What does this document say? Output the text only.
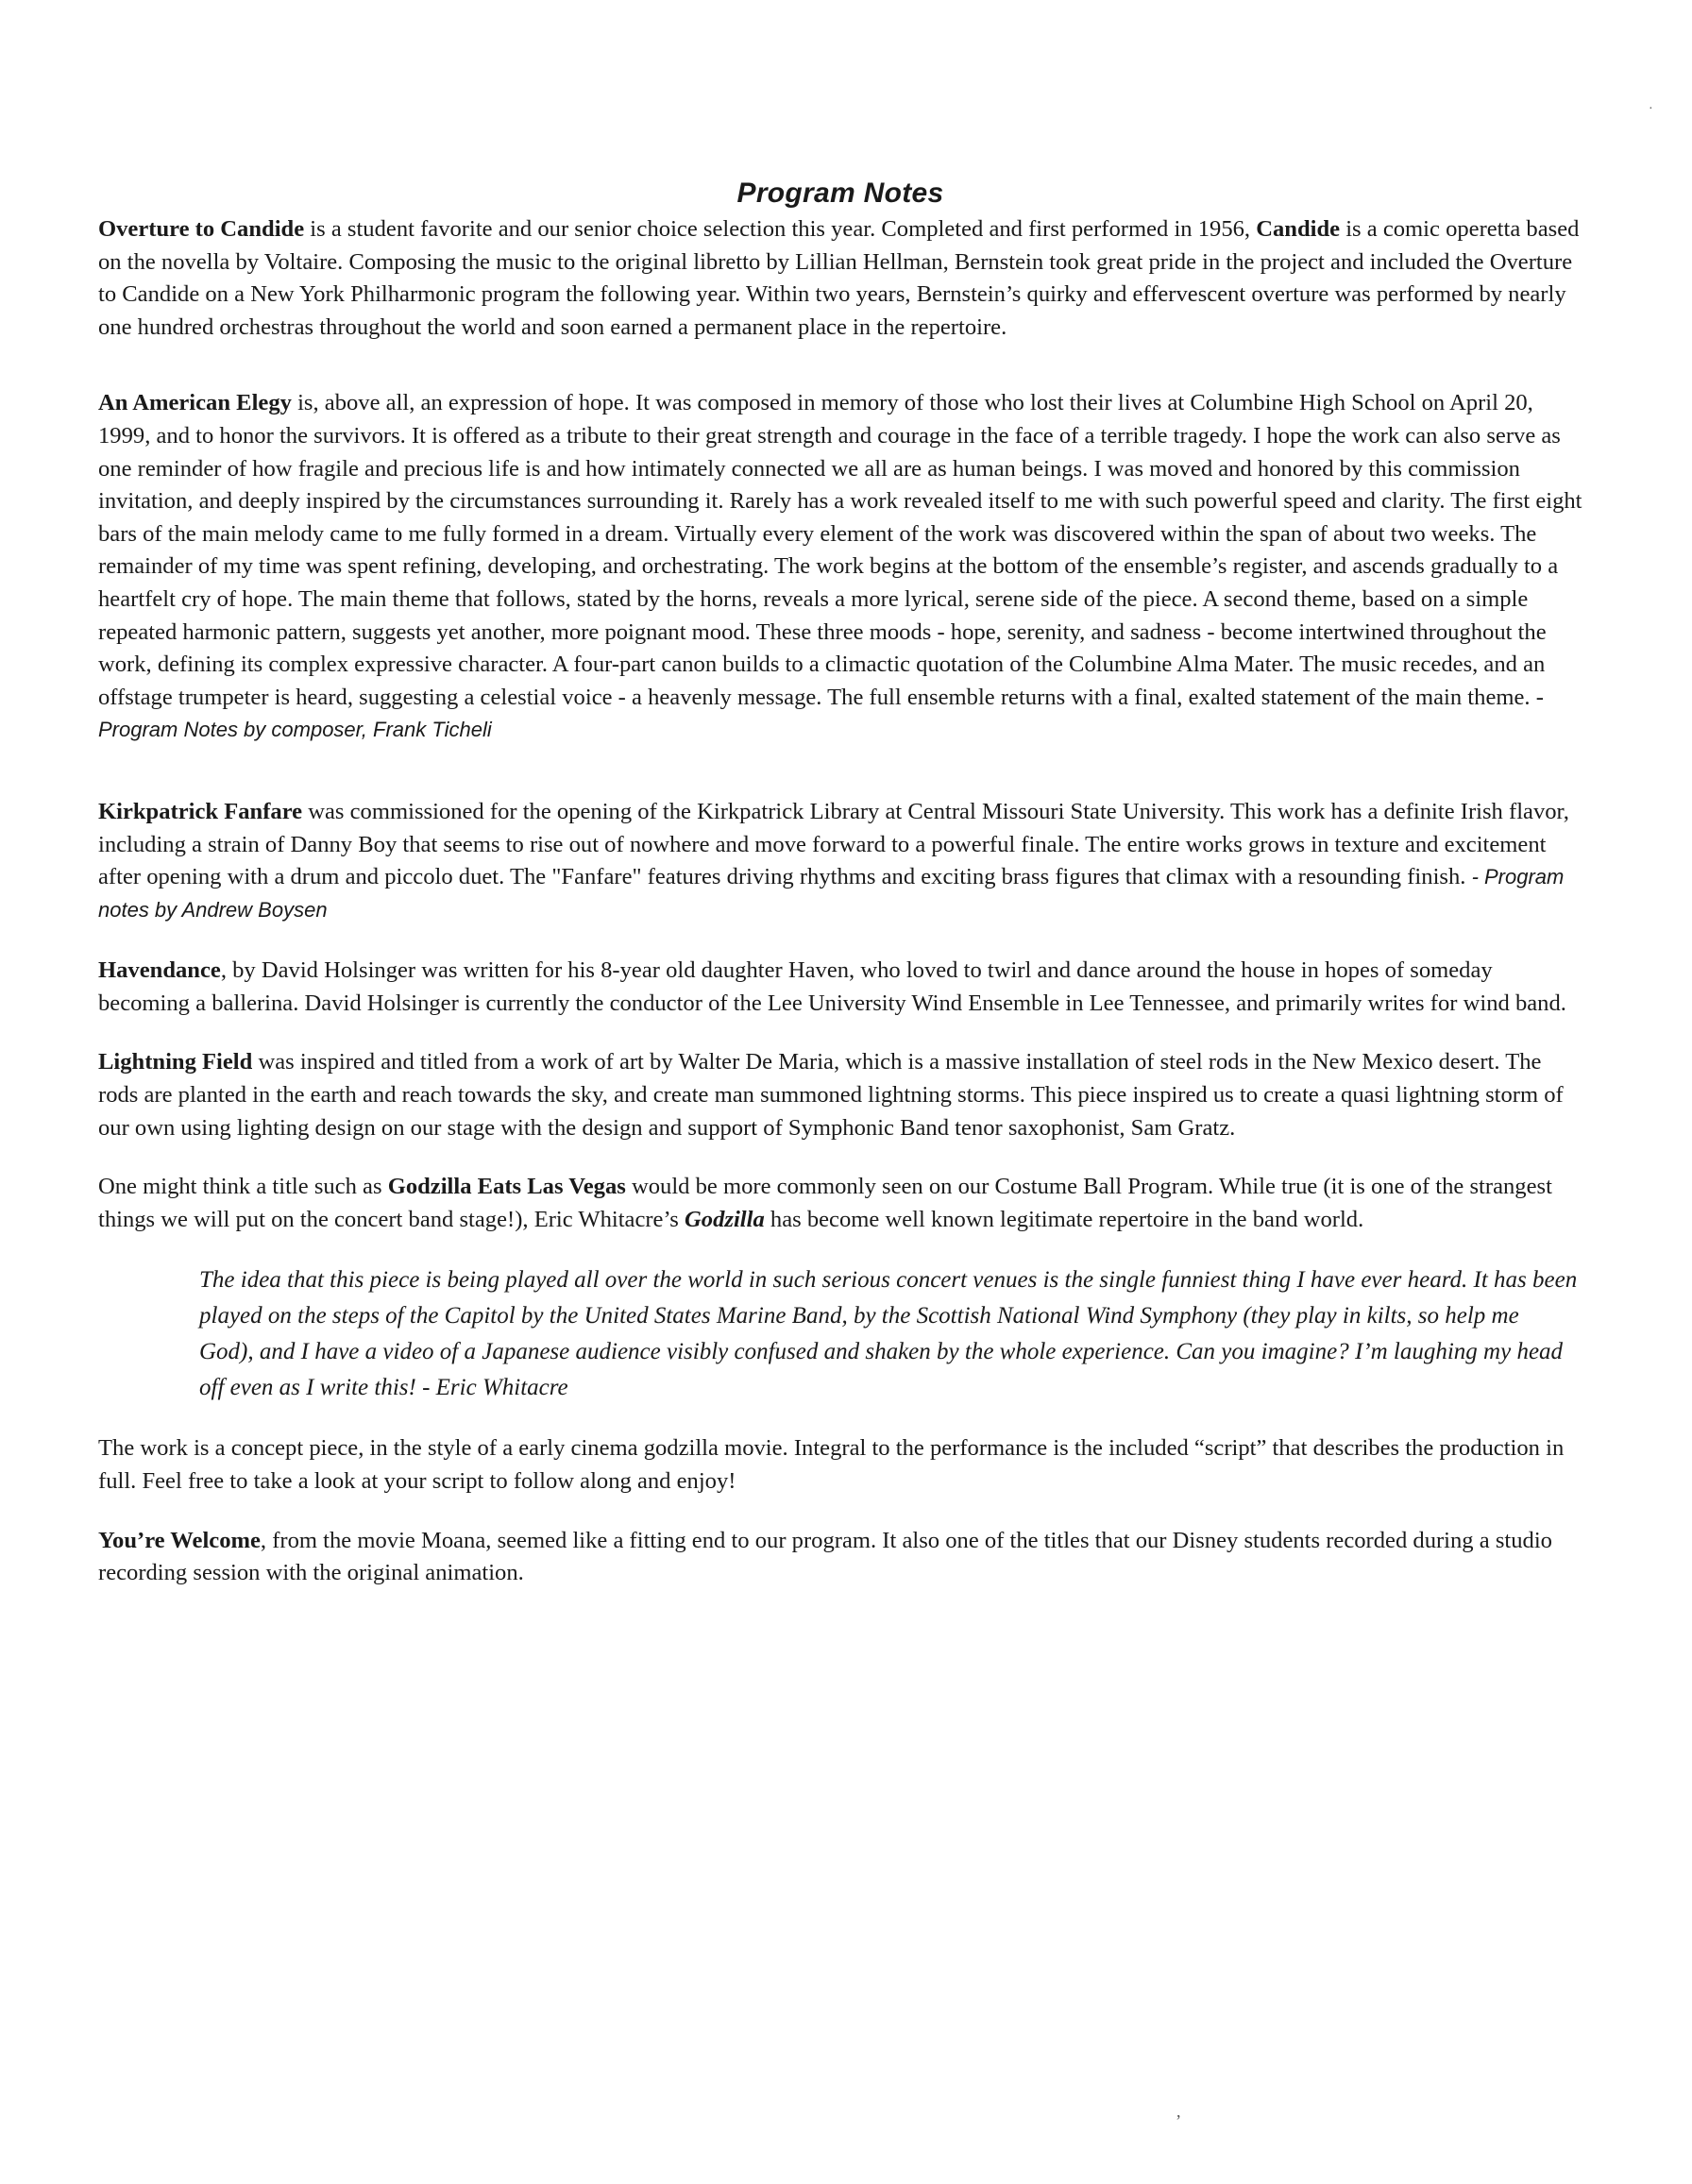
Program Notes

Overture to Candide is a student favorite and our senior choice selection this year. Completed and first performed in 1956, Candide is a comic operetta based on the novella by Voltaire. Composing the music to the original libretto by Lillian Hellman, Bernstein took great pride in the project and included the Overture to Candide on a New York Philharmonic program the following year. Within two years, Bernstein’s quirky and effervescent overture was performed by nearly one hundred orchestras throughout the world and soon earned a permanent place in the repertoire.

An American Elegy is, above all, an expression of hope. It was composed in memory of those who lost their lives at Columbine High School on April 20, 1999, and to honor the survivors. It is offered as a tribute to their great strength and courage in the face of a terrible tragedy. I hope the work can also serve as one reminder of how fragile and precious life is and how intimately connected we all are as human beings. I was moved and honored by this commission invitation, and deeply inspired by the circumstances surrounding it. Rarely has a work revealed itself to me with such powerful speed and clarity. The first eight bars of the main melody came to me fully formed in a dream. Virtually every element of the work was discovered within the span of about two weeks. The remainder of my time was spent refining, developing, and orchestrating. The work begins at the bottom of the ensemble’s register, and ascends gradually to a heartfelt cry of hope. The main theme that follows, stated by the horns, reveals a more lyrical, serene side of the piece. A second theme, based on a simple repeated harmonic pattern, suggests yet another, more poignant mood. These three moods - hope, serenity, and sadness - become intertwined throughout the work, defining its complex expressive character. A four-part canon builds to a climactic quotation of the Columbine Alma Mater. The music recedes, and an offstage trumpeter is heard, suggesting a celestial voice - a heavenly message. The full ensemble returns with a final, exalted statement of the main theme. -
Program Notes by composer, Frank Ticheli

Kirkpatrick Fanfare was commissioned for the opening of the Kirkpatrick Library at Central Missouri State University. This work has a definite Irish flavor, including a strain of Danny Boy that seems to rise out of nowhere and move forward to a powerful finale. The entire works grows in texture and excitement after opening with a drum and piccolo duet. The "Fanfare" features driving rhythms and exciting brass figures that climax with a resounding finish. - Program notes by Andrew Boysen

Havendance, by David Holsinger was written for his 8-year old daughter Haven, who loved to twirl and dance around the house in hopes of someday becoming a ballerina. David Holsinger is currently the conductor of the Lee University Wind Ensemble in Lee Tennessee, and primarily writes for wind band.

Lightning Field was inspired and titled from a work of art by Walter De Maria, which is a massive installation of steel rods in the New Mexico desert. The rods are planted in the earth and reach towards the sky, and create man summoned lightning storms. This piece inspired us to create a quasi lightning storm of our own using lighting design on our stage with the design and support of Symphonic Band tenor saxophonist, Sam Gratz.

One might think a title such as Godzilla Eats Las Vegas would be more commonly seen on our Costume Ball Program. While true (it is one of the strangest things we will put on the concert band stage!), Eric Whitacre’s Godzilla has become well known legitimate repertoire in the band world.

The idea that this piece is being played all over the world in such serious concert venues is the single funniest thing I have ever heard. It has been played on the steps of the Capitol by the United States Marine Band, by the Scottish National Wind Symphony (they play in kilts, so help me God), and I have a video of a Japanese audience visibly confused and shaken by the whole experience. Can you imagine? I’m laughing my head off even as I write this! - Eric Whitacre

The work is a concept piece, in the style of a early cinema godzilla movie. Integral to the performance is the included “script” that describes the production in full. Feel free to take a look at your script to follow along and enjoy!

You’re Welcome, from the movie Moana, seemed like a fitting end to our program. It also one of the titles that our Disney students recorded during a studio recording session with the original animation.

·
,
